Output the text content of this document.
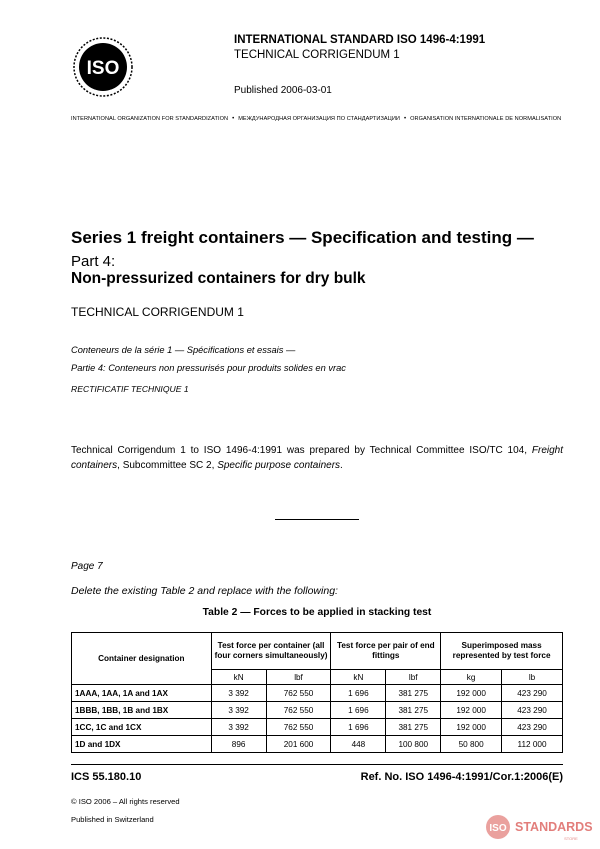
ISO
INTERNATIONAL STANDARD ISO 1496-4:1991
TECHNICAL CORRIGENDUM 1
Published 2006-03-01
INTERNATIONAL ORGANIZATION FOR STANDARDIZATION • МЕЖДУНАРОДНАЯ ОРГАНИЗАЦИЯ ПО СТАНДАРТИЗАЦИИ • ORGANISATION INTERNATIONALE DE NORMALISATION
Series 1 freight containers — Specification and testing —
Part 4:
Non-pressurized containers for dry bulk
TECHNICAL CORRIGENDUM 1
Conteneurs de la série 1 — Spécifications et essais —
Partie 4: Conteneurs non pressurisés pour produits solides en vrac
RECTIFICATIF TECHNIQUE 1
Technical Corrigendum 1 to ISO 1496-4:1991 was prepared by Technical Committee ISO/TC 104, Freight containers, Subcommittee SC 2, Specific purpose containers.
Page 7
Delete the existing Table 2 and replace with the following:
Table 2 — Forces to be applied in stacking test
Container designation	Test force per container (all four corners simultaneously)		Test force per pair of end fittings		Superimposed mass represented by test force	
	kN	lbf	kN	lbf	kg	lb
1AAA, 1AA, 1A and 1AX	3 392	762 550	1 696	381 275	192 000	423 290
1BBB, 1BB, 1B and 1BX	3 392	762 550	1 696	381 275	192 000	423 290
1CC, 1C and 1CX	3 392	762 550	1 696	381 275	192 000	423 290
1D and 1DX	896	201 600	448	100 800	50 800	112 000
ICS 55.180.10	Ref. No. ISO 1496-4:1991/Cor.1:2006(E)
© ISO 2006 – All rights reserved
Published in Switzerland
ISO STANDARDS
STORE
